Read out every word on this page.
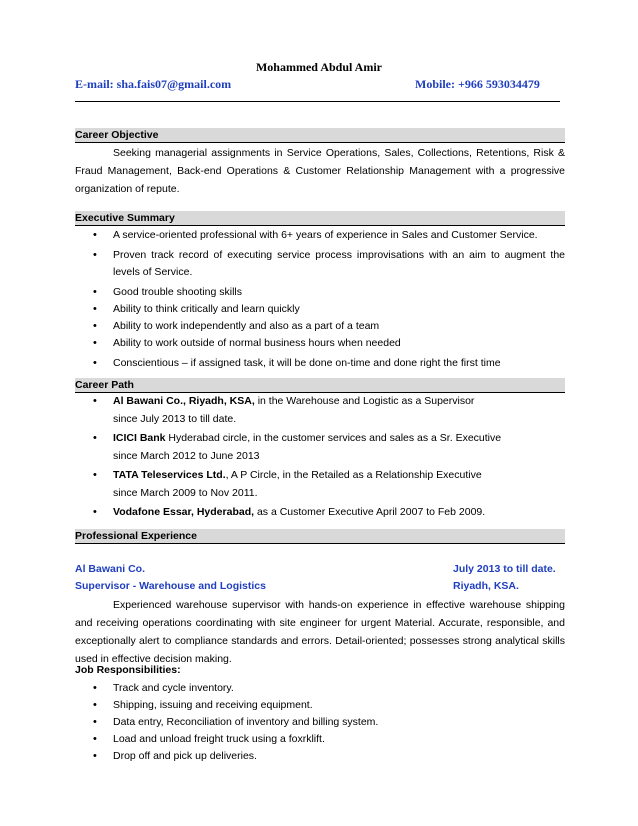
Mohammed Abdul Amir
E-mail: sha.fais07@gmail.com	Mobile: +966 593034479
Career Objective
Seeking managerial assignments in Service Operations, Sales, Collections, Retentions, Risk & Fraud Management, Back-end Operations & Customer Relationship Management with a progressive organization of repute.
Executive Summary
• A service-oriented professional with 6+ years of experience in Sales and Customer Service.
• Proven track record of executing service process improvisations with an aim to augment the levels of Service.
• Good trouble shooting skills
• Ability to think critically and learn quickly
• Ability to work independently and also as a part of a team
• Ability to work outside of normal business hours when needed
• Conscientious – if assigned task, it will be done on-time and done right the first time
Career Path
• Al Bawani Co., Riyadh, KSA, in the Warehouse and Logistic as a Supervisor
since July 2013 to till date.
• ICICI Bank Hyderabad circle, in the customer services and sales as a Sr. Executive
since March 2012 to June 2013
• TATA Teleservices Ltd., A P Circle, in the Retailed as a Relationship Executive
since March 2009 to Nov 2011.
• Vodafone Essar, Hyderabad, as a Customer Executive April 2007 to Feb 2009.
Professional Experience
Al Bawani Co.	July 2013 to till date.
Supervisor - Warehouse and Logistics	Riyadh, KSA.
Experienced warehouse supervisor with hands-on experience in effective warehouse shipping and receiving operations coordinating with site engineer for urgent Material. Accurate, responsible, and exceptionally alert to compliance standards and errors. Detail-oriented; possesses strong analytical skills used in effective decision making.
Job Responsibilities:
• Track and cycle inventory.
• Shipping, issuing and receiving equipment.
• Data entry, Reconciliation of inventory and billing system.
• Load and unload freight truck using a foxrklift.
• Drop off and pick up deliveries.
